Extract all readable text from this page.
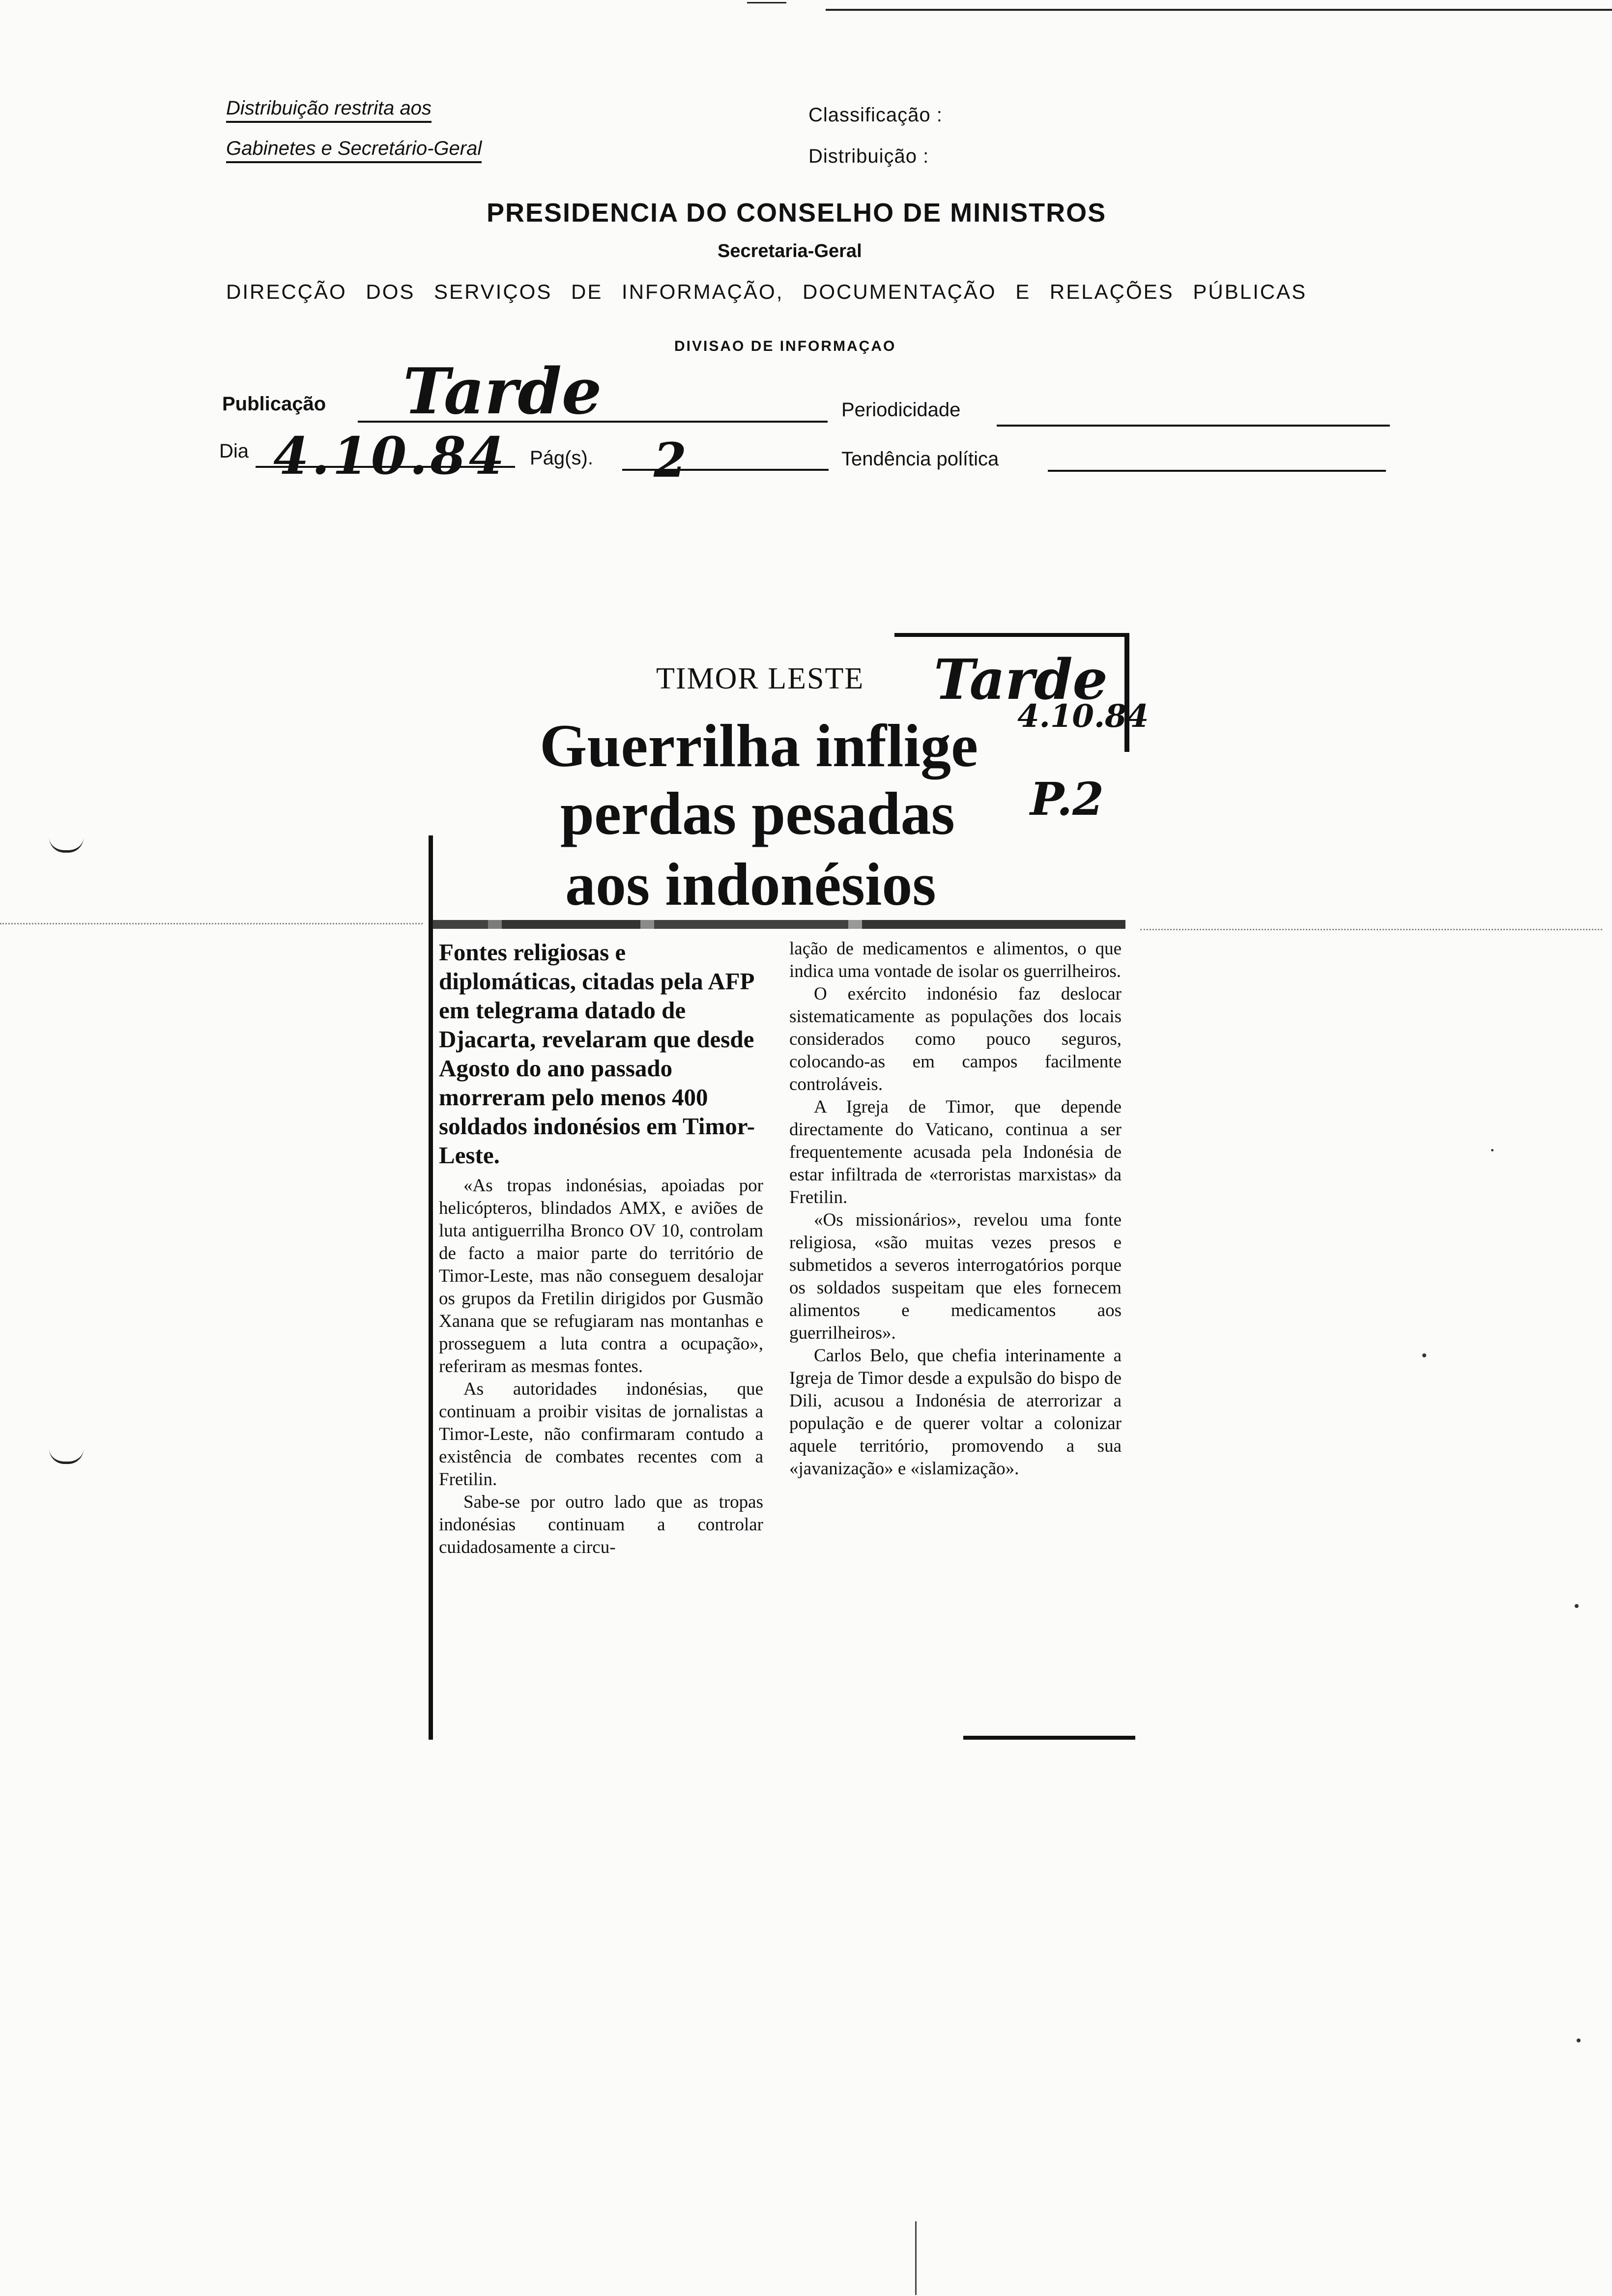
Distribuição restrita aos
Gabinetes e Secretário-Geral
Classificação :
Distribuição :
PRESIDENCIA DO CONSELHO DE MINISTROS
Secretaria-Geral
DIRECÇÃO DOS SERVIÇOS DE INFORMAÇÃO, DOCUMENTAÇÃO E RELAÇÕES PÚBLICAS
DIVISAO DE INFORMAÇAO
Publicação Tarde	Periodicidade
Dia 4.10.84 Pág(s). 2	Tendência política
TIMOR LESTE Tarde
4.10.84
P.2
Guerrilha inflige
perdas pesadas
aos indonésios
Fontes religiosas e diplomáticas, citadas pela AFP em telegrama datado de Djacarta, revelaram que desde Agosto do ano passado morreram pelo menos 400 soldados indonésios em Timor-Leste.

«As tropas indonésias, apoiadas por helicópteros, blindados AMX, e aviões de luta antiguerrilha Bronco OV 10, controlam de facto a maior parte do território de Timor-Leste, mas não conseguem desalojar os grupos da Fretilin dirigidos por Gusmão Xanana que se refugiaram nas montanhas e prosseguem a luta contra a ocupação», referiram as mesmas fontes.

As autoridades indonésias, que continuam a proibir visitas de jornalistas a Timor-Leste, não confirmaram contudo a existência de combates recentes com a Fretilin.

Sabe-se por outro lado que as tropas indonésias continuam a controlar cuidadosamente a circu-

lação de medicamentos e alimentos, o que indica uma vontade de isolar os guerrilheiros.

O exército indonésio faz deslocar sistematicamente as populações dos locais considerados como pouco seguros, colocando-as em campos facilmente controláveis.

A Igreja de Timor, que depende directamente do Vaticano, continua a ser frequentemente acusada pela Indonésia de estar infiltrada de «terroristas marxistas» da Fretilin.

«Os missionários», revelou uma fonte religiosa, «são muitas vezes presos e submetidos a severos interrogatórios porque os soldados suspeitam que eles fornecem alimentos e medicamentos aos guerrilheiros».

Carlos Belo, que chefia interinamente a Igreja de Timor desde a expulsão do bispo de Dili, acusou a Indonésia de aterrorizar a população e de querer voltar a colonizar aquele território, promovendo a sua «javanização» e «islamização».
